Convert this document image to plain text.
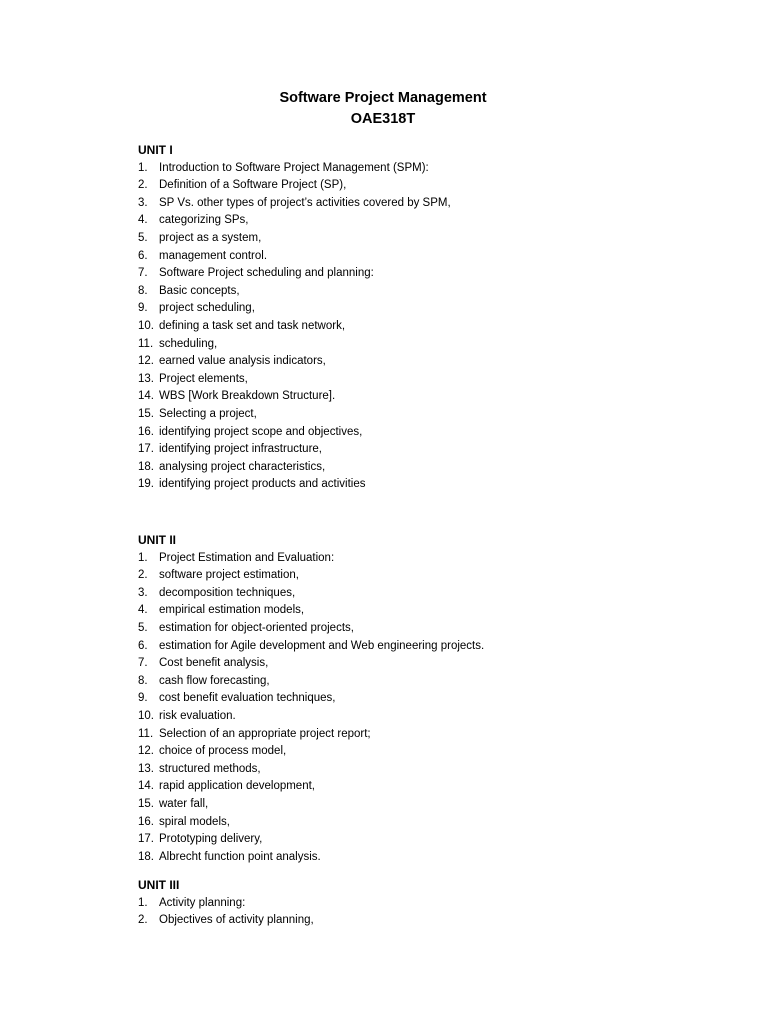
Software Project Management
OAE318T
UNIT I
1. Introduction to Software Project Management (SPM):
2. Definition of a Software Project (SP),
3. SP Vs. other types of project’s activities covered by SPM,
4. categorizing SPs,
5. project as a system,
6. management control.
7. Software Project scheduling and planning:
8. Basic concepts,
9. project scheduling,
10. defining a task set and task network,
11. scheduling,
12. earned value analysis indicators,
13. Project elements,
14. WBS [Work Breakdown Structure].
15. Selecting a project,
16. identifying project scope and objectives,
17. identifying project infrastructure,
18. analysing project characteristics,
19. identifying project products and activities
UNIT II
1. Project Estimation and Evaluation:
2. software project estimation,
3. decomposition techniques,
4. empirical estimation models,
5. estimation for object-oriented projects,
6. estimation for Agile development and Web engineering projects.
7. Cost benefit analysis,
8. cash flow forecasting,
9. cost benefit evaluation techniques,
10. risk evaluation.
11. Selection of an appropriate project report;
12. choice of process model,
13. structured methods,
14. rapid application development,
15. water fall,
16. spiral models,
17. Prototyping delivery,
18. Albrecht function point analysis.
UNIT III
1. Activity planning:
2. Objectives of activity planning,
